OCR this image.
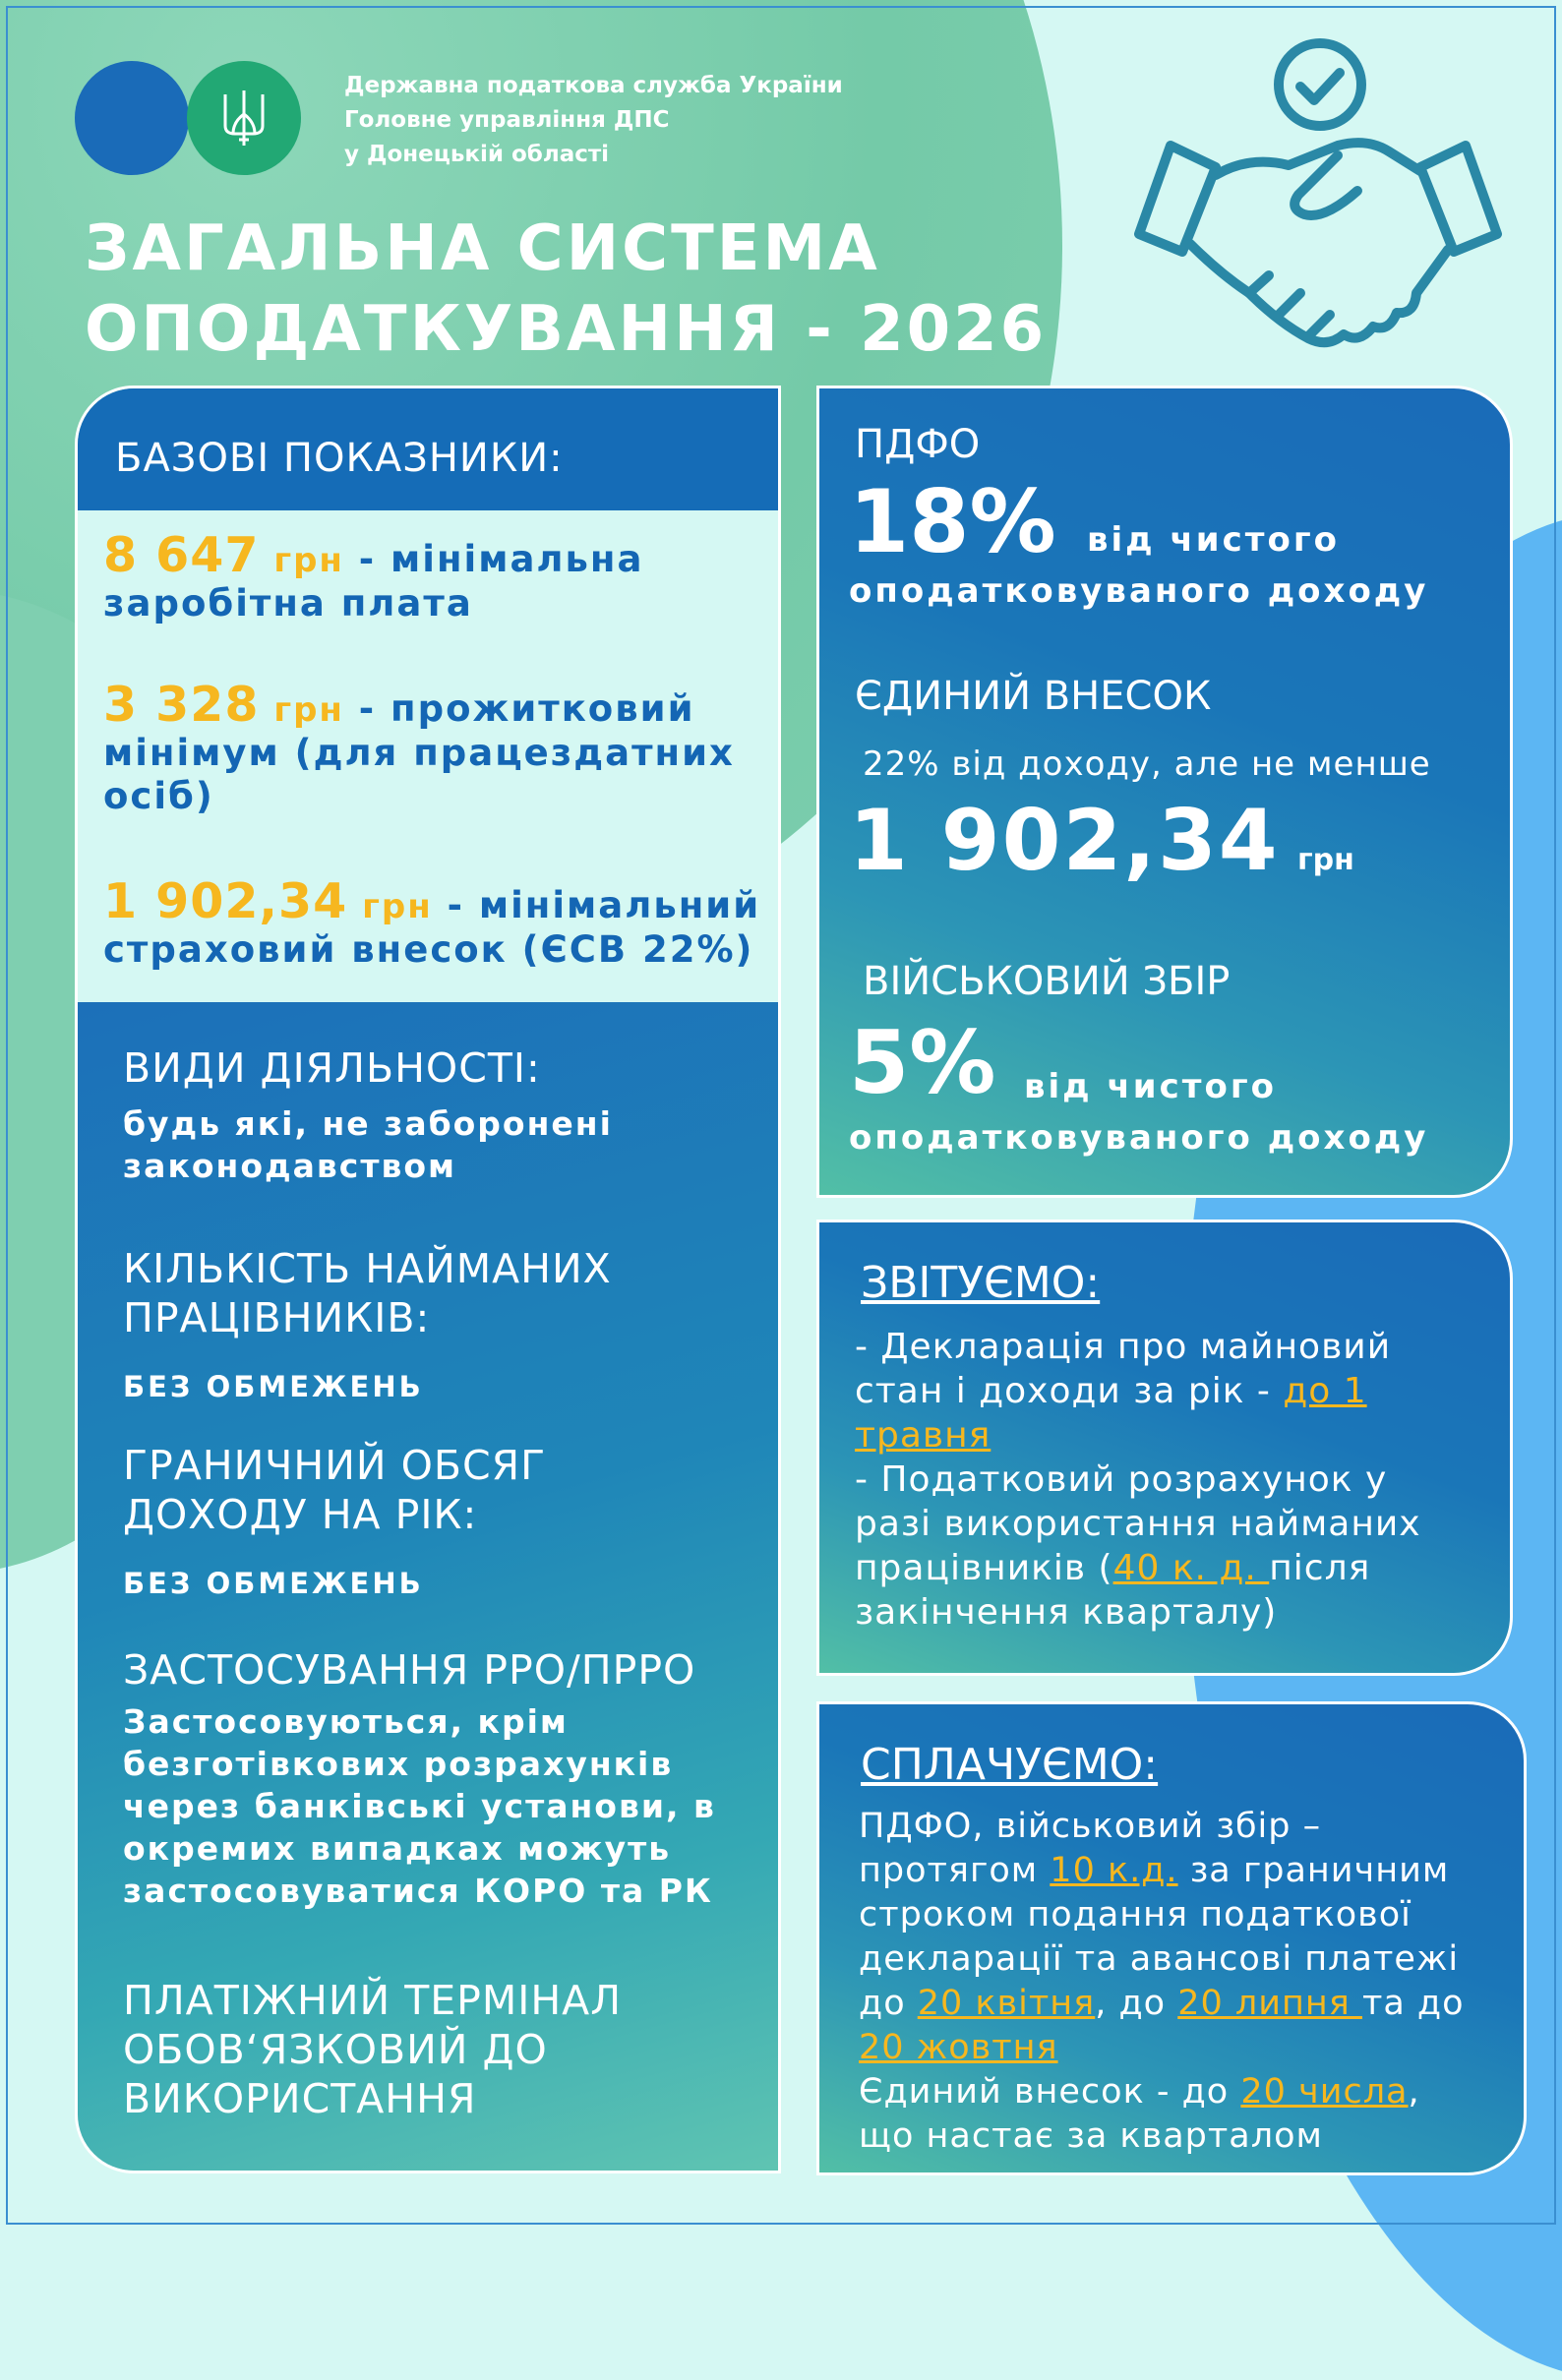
Державна податкова служба України
Головне управління ДПС
у Донецькій області
ЗАГАЛЬНА СИСТЕМА
ОПОДАТКУВАННЯ - 2026
БАЗОВІ ПОКАЗНИКИ:
8 647 грн - мінімальна
заробітна плата
3 328 грн - прожитковий
мінімум (для працездатних
осіб)
1 902,34 грн - мінімальний
страховий внесок (ЄСВ 22%)
ВИДИ ДІЯЛЬНОСТІ:
будь які, не заборонені
законодавством
КІЛЬКІСТЬ НАЙМАНИХ
ПРАЦІВНИКІВ:
БЕЗ ОБМЕЖЕНЬ
ГРАНИЧНИЙ ОБСЯГ
ДОХОДУ НА РІК:
БЕЗ ОБМЕЖЕНЬ
ЗАСТОСУВАННЯ РРО/ПРРО
Застосовуються, крім
безготівкових розрахунків
через банківські установи, в
окремих випадках можуть
застосовуватися КОРО та РК
ПЛАТІЖНИЙ ТЕРМІНАЛ
ОБОВ‘ЯЗКОВИЙ ДО
ВИКОРИСТАННЯ
ПДФО
18% від чистого
оподатковуваного доходу
ЄДИНИЙ ВНЕСОК
22% від доходу, але не менше
1 902,34 грн
ВІЙСЬКОВИЙ ЗБІР
5% від чистого
оподатковуваного доходу
ЗВІТУЄМО:
- Декларація про майновий
стан і доходи за рік - до 1
травня
- Податковий розрахунок у
разі використання найманих
працівників (40 к. д. після
закінчення кварталу)
СПЛАЧУЄМО:
ПДФО, військовий збір –
протягом 10 к.д. за граничним
строком подання податкової
декларації та авансові платежі
до 20 квітня, до 20 липня та до
20 жовтня
Єдиний внесок - до 20 числа,
що настає за кварталом
